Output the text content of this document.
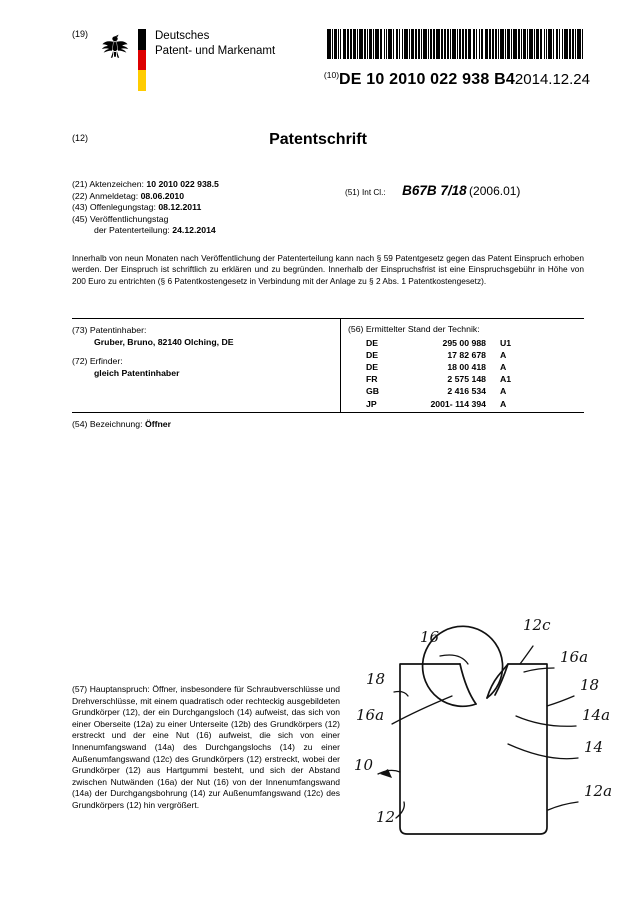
(19)	Deutsches
Patent- und Markenamt
$^{(10)}$DE 10 2010 022 938 B42014.12.24
(12)	Patentschrift
(21) Aktenzeichen: 10 2010 022 938.5
(22) Anmeldetag: 08.06.2010
(43) Offenlegungstag: 08.12.2011
(45) Veröffentlichungstag
der Patenterteilung: 24.12.2014
(51) Int Cl.: B67B 7/18 (2006.01)
Innerhalb von neun Monaten nach Veröffentlichung der Patenterteilung kann nach § 59 Patentgesetz gegen das Patent Einspruch erhoben werden. Der Einspruch ist schriftlich zu erklären und zu begründen. Innerhalb der Einspruchsfrist ist eine Einspruchsgebühr in Höhe von 200 Euro zu entrichten (§ 6 Patentkostengesetz in Verbindung mit der Anlage zu § 2 Abs. 1 Patentkostengesetz).
(73) Patentinhaber:
Gruber, Bruno, 82140 Olching, DE
(72) Erfinder:
gleich Patentinhaber
(56) Ermittelter Stand der Technik:
DE	295 00 988	U1
DE	17 82 678	A
DE	18 00 418	A
FR	2 575 148	A1
GB	2 416 534	A
JP	2001- 114 394	A
(54) Bezeichnung: Öffner
(57) Hauptanspruch: Öffner, insbesondere für Schraubverschlüsse und Drehverschlüsse, mit einem quadratisch oder rechteckig ausgebildeten Grundkörper (12), der ein Durchgangsloch (14) aufweist, das sich von einer Oberseite (12a) zu einer Unterseite (12b) des Grundkörpers (12) erstreckt und der eine Nut (16) aufweist, die sich von einer Innenumfangswand (14a) des Durchgangslochs (14) zu einer Außenumfangswand (12c) des Grundkörpers (12) erstreckt, wobei der Grundkörper (12) aus Hartgummi besteht, und sich der Abstand zwischen Nutwänden (16a) der Nut (16) von der Innenumfangswand (14a) der Durchgangsbohrung (14) zur Außenumfangswand (12c) des Grundkörpers (12) hin vergrößert.
16
12c
16a
18
18
14a
16a
14
10
12a
12
